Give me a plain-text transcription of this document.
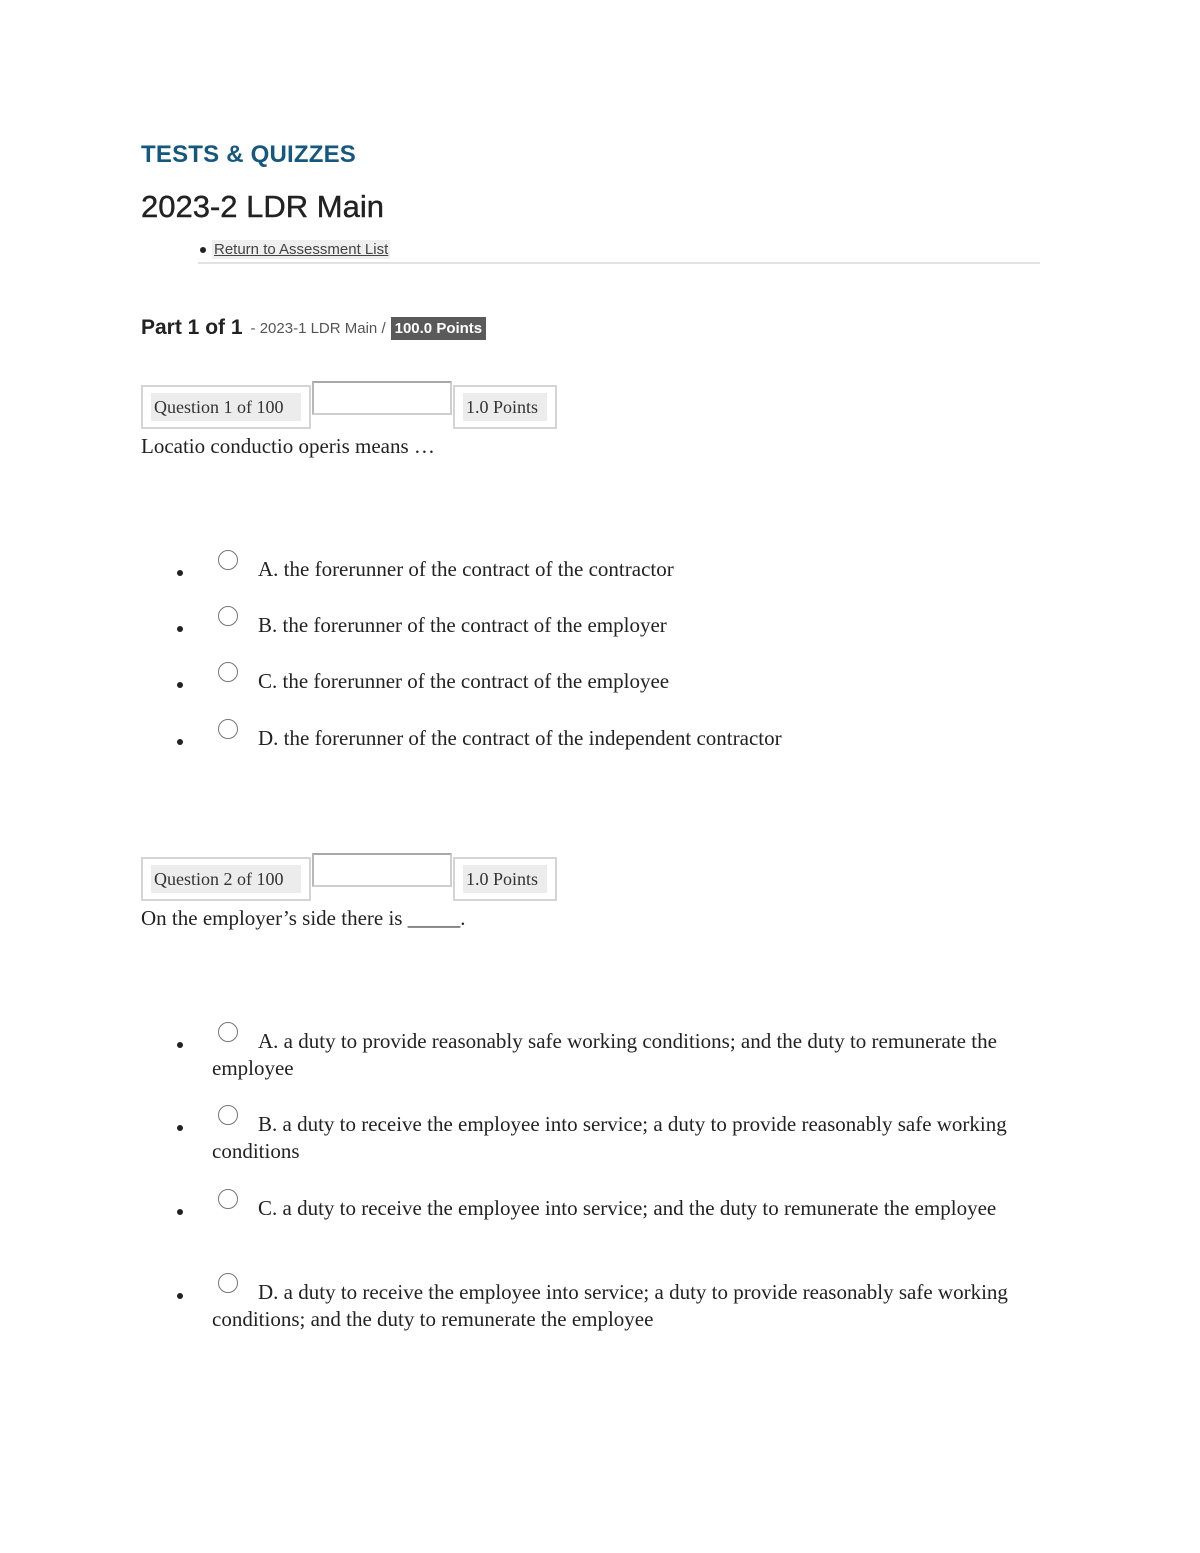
TESTS & QUIZZES
2023-2 LDR Main
Return to Assessment List
Part 1 of 1 - 2023-1 LDR Main / 100.0 Points
Question 1 of 100	1.0 Points
Locatio conductio operis means …
A. the forerunner of the contract of the contractor
B. the forerunner of the contract of the employer
C. the forerunner of the contract of the employee
D. the forerunner of the contract of the independent contractor
Question 2 of 100	1.0 Points
On the employer’s side there is _____.
A. a duty to provide reasonably safe working conditions; and the duty to remunerate the employee
B. a duty to receive the employee into service; a duty to provide reasonably safe working conditions
C. a duty to receive the employee into service; and the duty to remunerate the employee
D. a duty to receive the employee into service; a duty to provide reasonably safe working conditions; and the duty to remunerate the employee
